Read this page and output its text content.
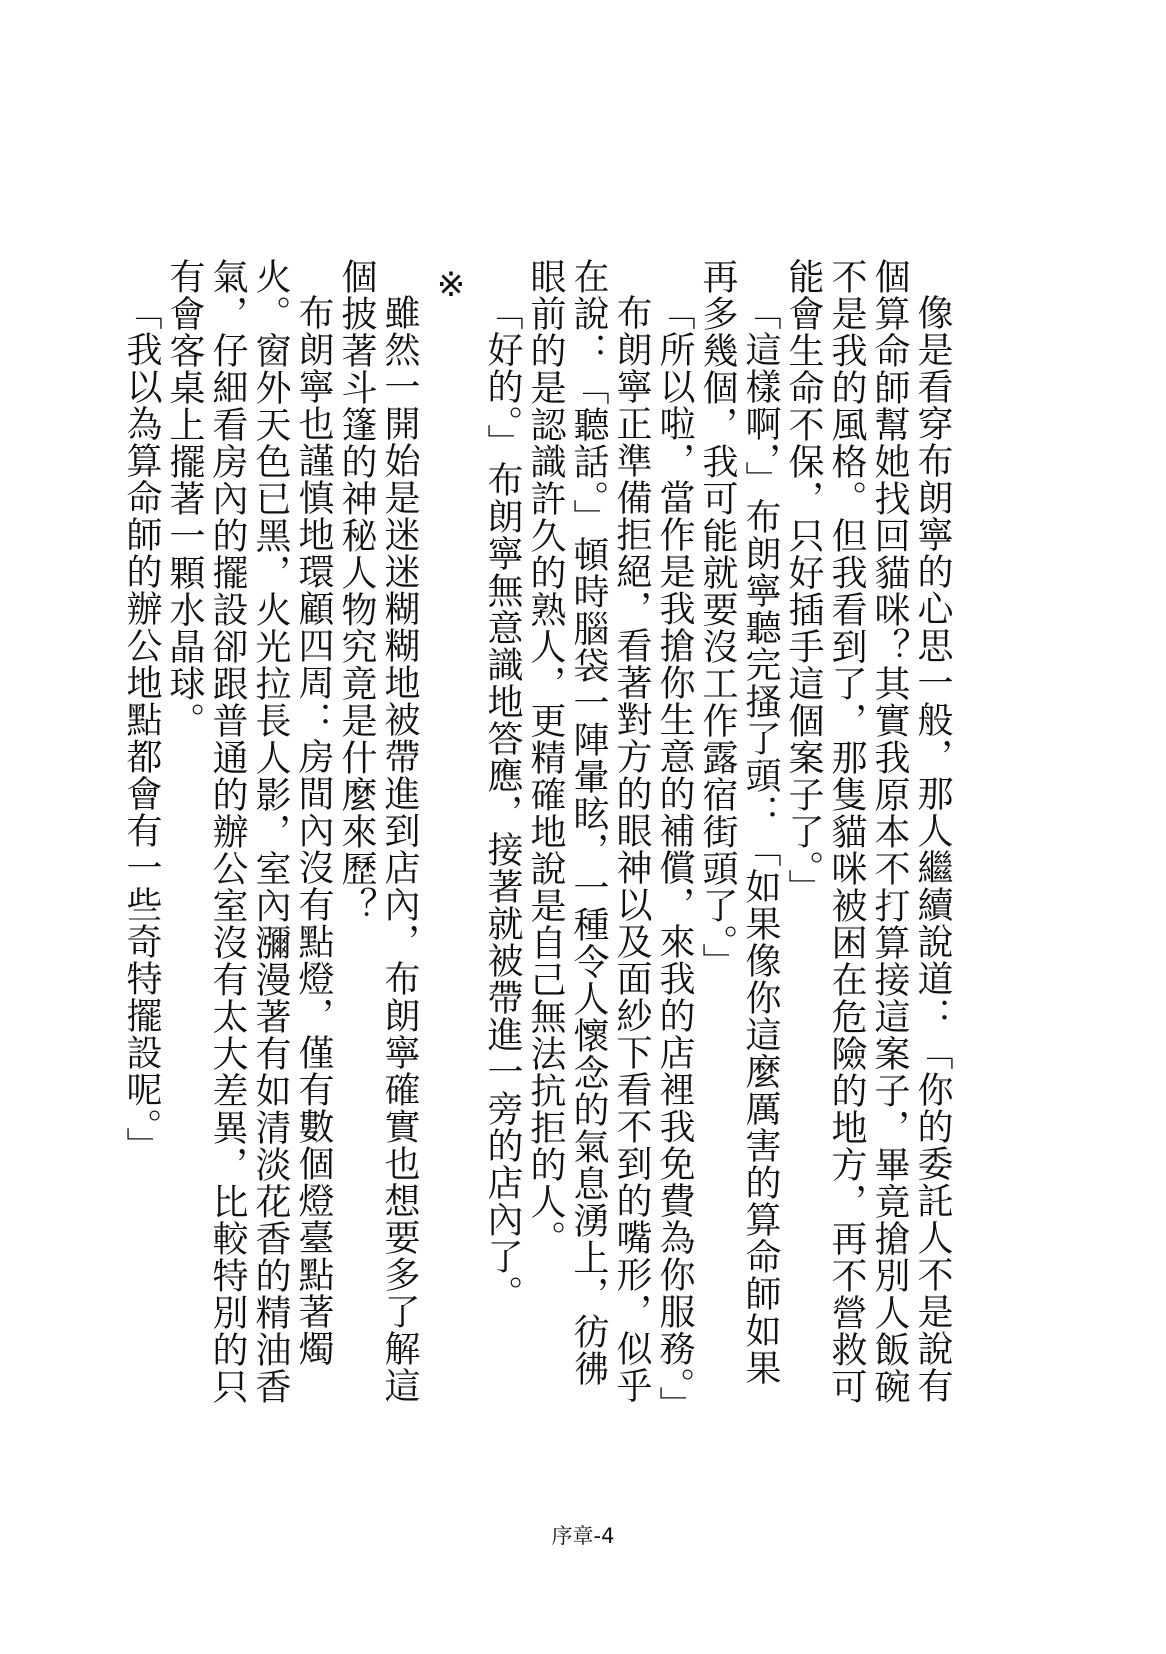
像是看穿布朗寧的心思一般，那人繼續說道：「你的委託人不是說有個算命師幫她找回貓咪？其實我原本不打算接這案子，畢竟搶別人飯碗不是我的風格。但我看到了，那隻貓咪被困在危險的地方，再不營救可能會生命不保，只好插手這個案子了。」

「這樣啊，」布朗寧聽完搔了頭：「如果像你這麼厲害的算命師如果再多幾個，我可能就要沒工作露宿街頭了。」

「所以啦，當作是我搶你生意的補償，來我的店裡我免費為你服務。」

布朗寧正準備拒絕，看著對方的眼神以及面紗下看不到的嘴形，似乎在說：「聽話。」頓時腦袋一陣暈眩，一種令人懷念的氣息湧上，彷彿眼前的是認識許久的熟人，更精確地說是自己無法抗拒的人。

「好的。」布朗寧無意識地答應，接著就被帶進一旁的店內了。

※

雖然一開始是迷迷糊糊地被帶進到店內，布朗寧確實也想要多了解這個披著斗篷的神秘人物究竟是什麼來歷？

布朗寧也謹慎地環顧四周：房間內沒有點燈，僅有數個燈臺點著燭火。窗外天色已黑，火光拉長人影，室內瀰漫著有如清淡花香的精油香氣，仔細看房內的擺設卻跟普通的辦公室沒有太大差異，比較特別的只有會客桌上擺著一顆水晶球。

「我以為算命師的辦公地點都會有一些奇特擺設呢。」

序章-4
